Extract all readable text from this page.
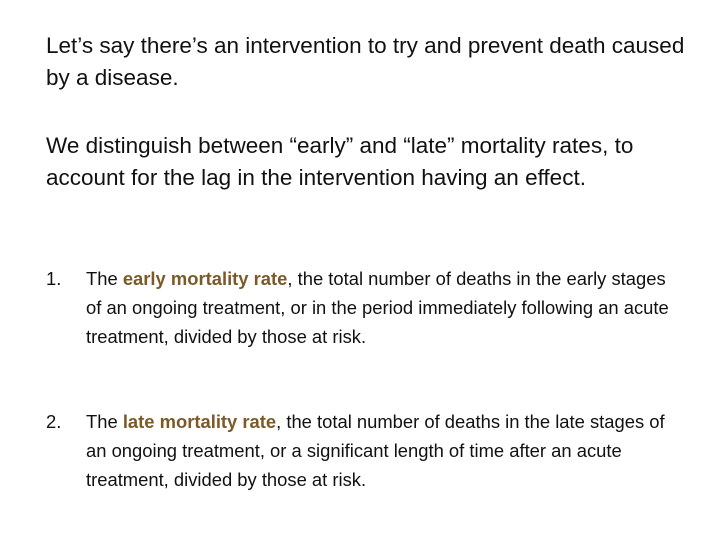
Let’s say there’s an intervention to try and prevent death caused by a disease.

We distinguish between “early” and “late” mortality rates, to account for the lag in the intervention having an effect.

1.	The early mortality rate, the total number of deaths in the early stages of an ongoing treatment, or in the period immediately following an acute treatment, divided by those at risk.
2.	The late mortality rate, the total number of deaths in the late stages of an ongoing treatment, or a significant length of time after an acute treatment, divided by those at risk.
